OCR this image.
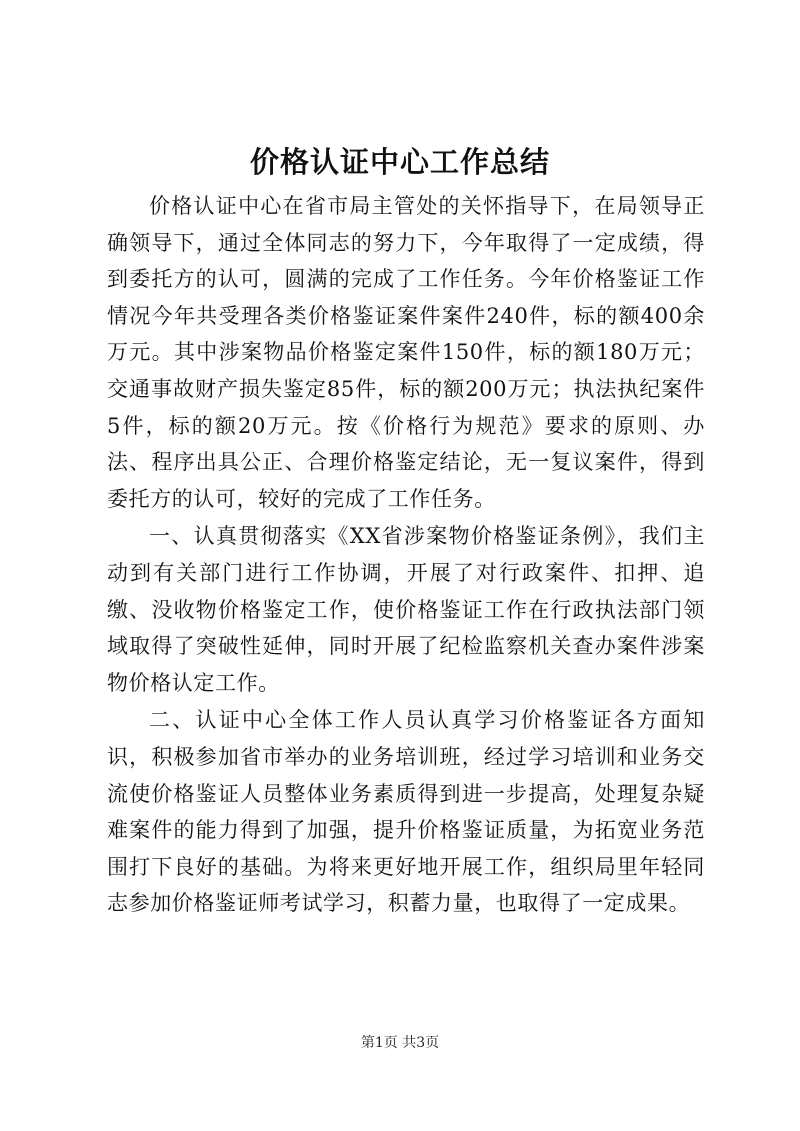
价格认证中心工作总结

价格认证中心在省市局主管处的关怀指导下，在局领导正确领导下，通过全体同志的努力下，今年取得了一定成绩，得到委托方的认可，圆满的完成了工作任务。今年价格鉴证工作情况今年共受理各类价格鉴证案件案件240件，标的额400余万元。其中涉案物品价格鉴定案件150件，标的额180万元；交通事故财产损失鉴定85件，标的额200万元；执法执纪案件5件，标的额20万元。按《价格行为规范》要求的原则、办法、程序出具公正、合理价格鉴定结论，无一复议案件，得到委托方的认可，较好的完成了工作任务。

一、认真贯彻落实《XX省涉案物价格鉴证条例》，我们主动到有关部门进行工作协调，开展了对行政案件、扣押、追缴、没收物价格鉴定工作，使价格鉴证工作在行政执法部门领域取得了突破性延伸，同时开展了纪检监察机关查办案件涉案物价格认定工作。

二、认证中心全体工作人员认真学习价格鉴证各方面知识，积极参加省市举办的业务培训班，经过学习培训和业务交流使价格鉴证人员整体业务素质得到进一步提高，处理复杂疑难案件的能力得到了加强，提升价格鉴证质量，为拓宽业务范围打下良好的基础。为将来更好地开展工作，组织局里年轻同志参加价格鉴证师考试学习，积蓄力量，也取得了一定成果。

第1页 共3页
